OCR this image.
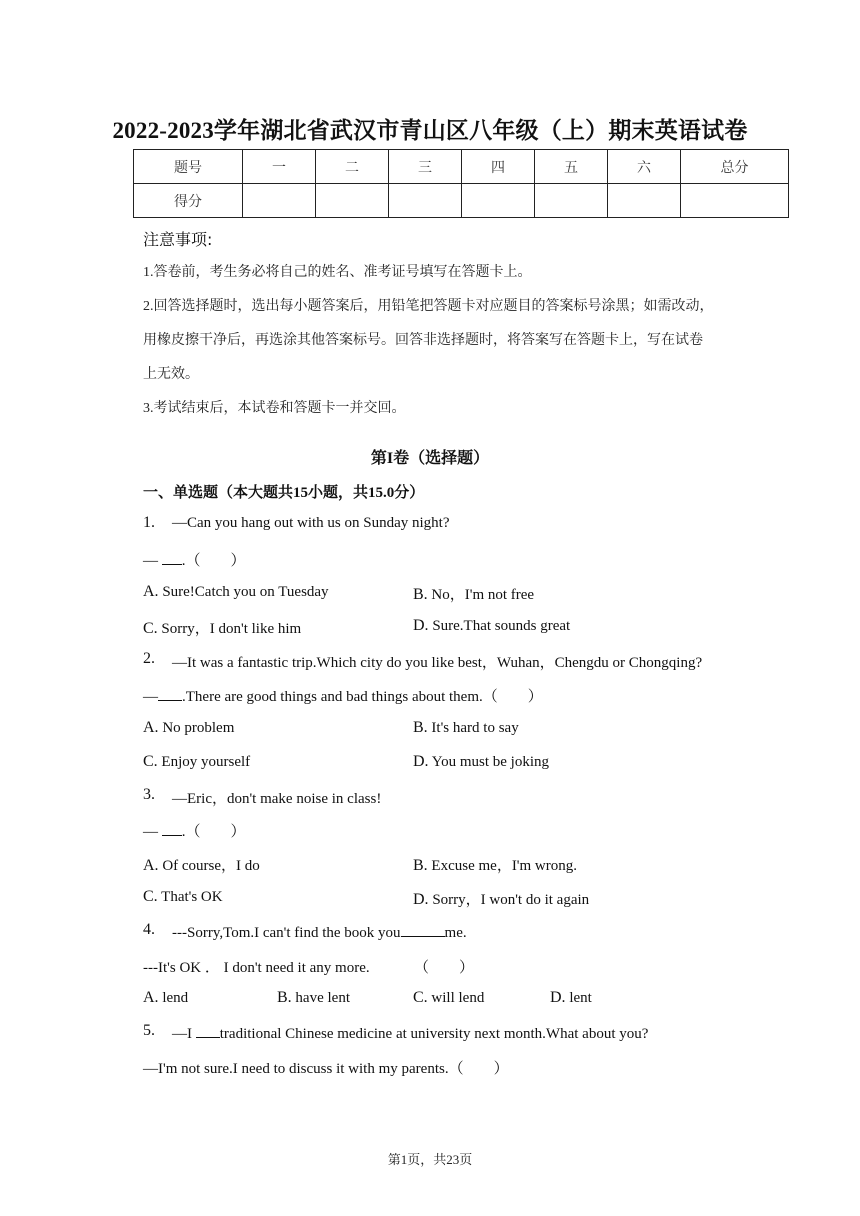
2022-2023学年湖北省武汉市青山区八年级（上）期末英语试卷
题号	一	二	三	四	五	六	总分
得分							
注意事项:
1.答卷前，考生务必将自己的姓名、准考证号填写在答题卡上。
2.回答选择题时，选出每小题答案后，用铅笔把答题卡对应题目的答案标号涂黑；如需改动，
用橡皮擦干净后，再选涂其他答案标号。回答非选择题时，将答案写在答题卡上，写在试卷
上无效。
3.考试结束后，本试卷和答题卡一并交回。
第I卷（选择题）
一、单选题（本大题共15小题，共15.0分）
1. —Can you hang out with us on Sunday night?
— .（　　）
A. Sure!Catch you on Tuesday	B. No，I'm not free
C. Sorry，I don't like him	D. Sure.That sounds great
2. —It was a fantastic trip.Which city do you like best，Wuhan，Chengdu or Chongqing?
— .There are good things and bad things about them.（　　）
A. No problem	B. It's hard to say
C. Enjoy yourself	D. You must be joking
3. —Eric，don't make noise in class!
— .（　　）
A. Of course，I do	B. Excuse me，I'm wrong.
C. That's OK	D. Sorry，I won't do it again
4. ---Sorry,Tom.I can't find the book you	me.
---It's OK ． I don't need it any more.	（　　）
A. lend	B. have lent	C. will lend	D. lent
5. —I traditional Chinese medicine at university next month.What about you?
—I'm not sure.I need to discuss it with my parents.（　　）
第1页，共23页
